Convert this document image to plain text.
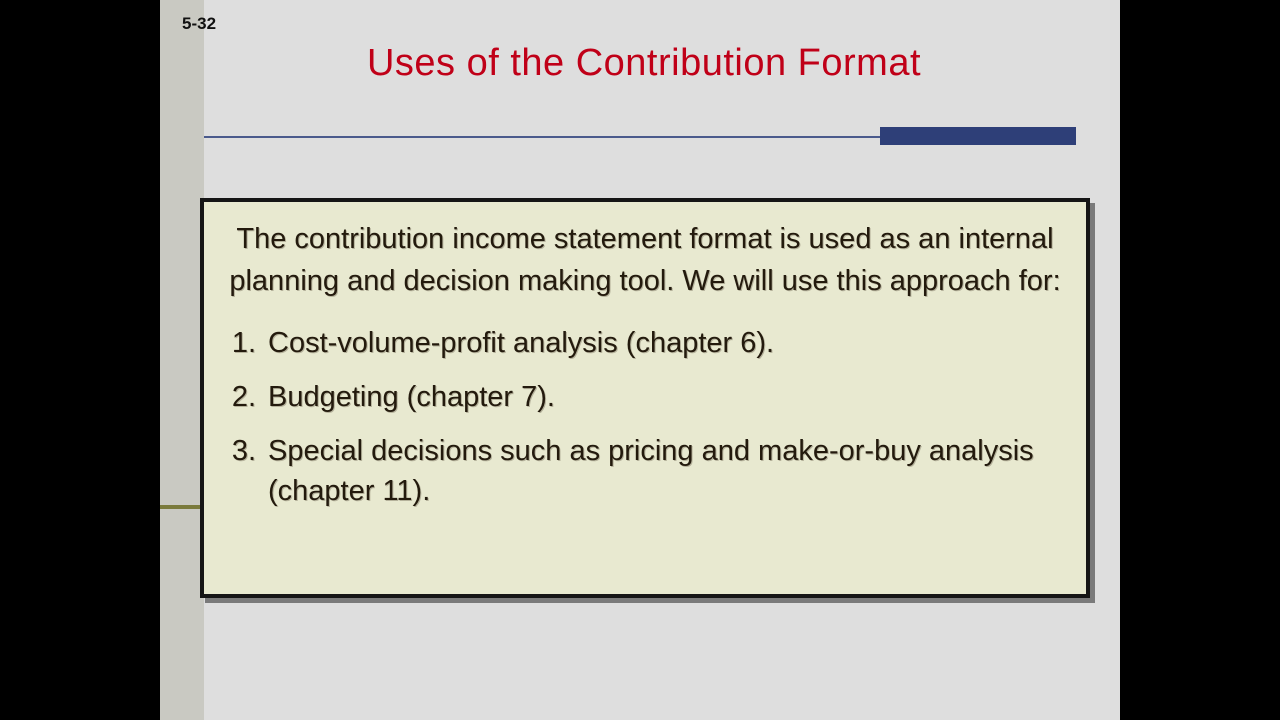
5-32
Uses of the Contribution Format
The contribution income statement format is used as an internal planning and decision making tool. We will use this approach for:
1. Cost-volume-profit analysis (chapter 6).
2. Budgeting (chapter 7).
3. Special decisions such as pricing and make-or-buy analysis (chapter 11).
